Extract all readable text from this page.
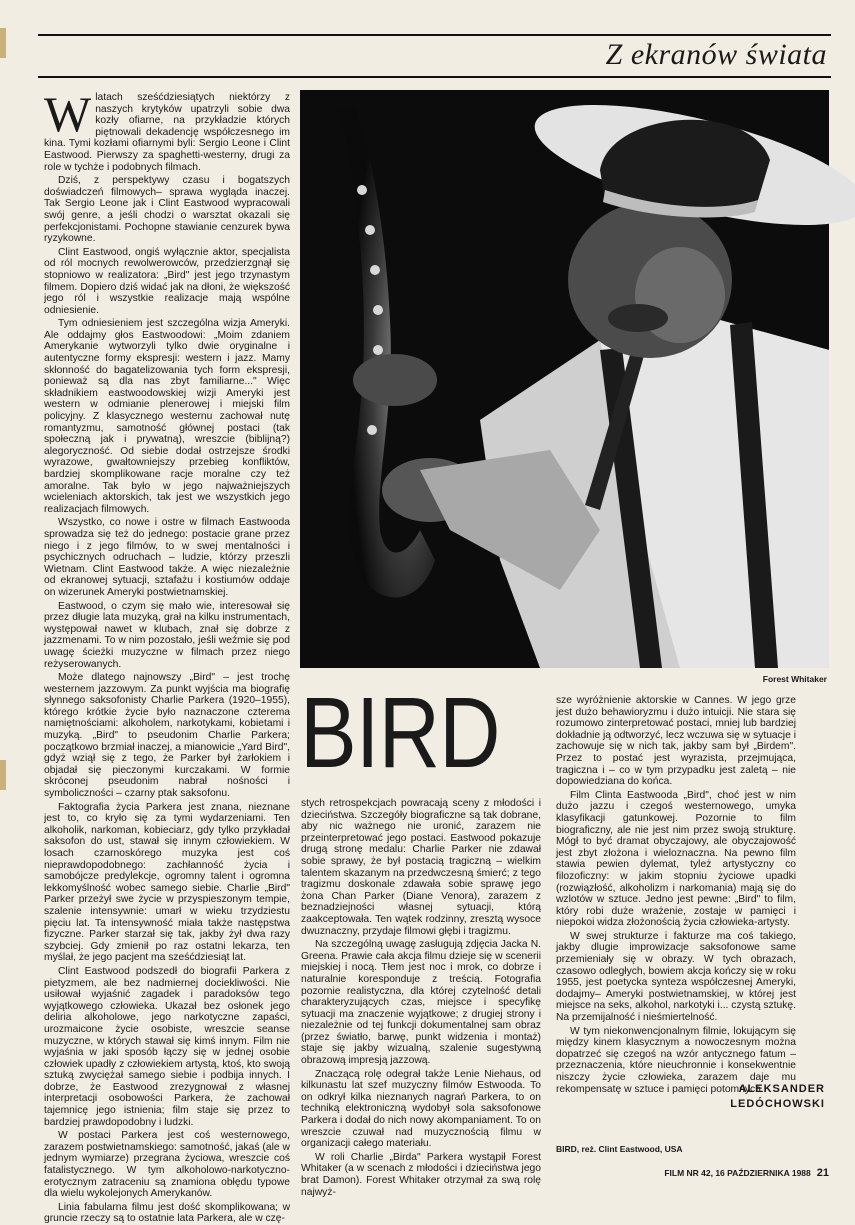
Z ekranów świata

Wlatach sześćdziesiątych niektórzy z naszych krytyków upatrzyli sobie dwa kozły ofiarne, na przykładzie których piętnowali dekadencję współczesnego im kina. Tymi kozłami ofiarnymi byli: Sergio Leone i Clint Eastwood. Pierwszy za spaghetti-westerny, drugi za role w tychże i podobnych filmach.

Dziś, z perspektywy czasu i bogatszych doświadczeń filmowych– sprawa wygląda inaczej. Tak Sergio Leone jak i Clint Eastwood wypracowali swój genre, a jeśli chodzi o warsztat okazali się perfekcjonistami. Pochopne stawianie cenzurek bywa ryzykowne.

Clint Eastwood, ongiś wyłącznie aktor, specjalista od ról mocnych rewolwerowców, przedzierzgnął się stopniowo w realizatora: „Bird" jest jego trzynastym filmem. Dopiero dziś widać jak na dłoni, że większość jego ról i wszystkie realizacje mają wspólne odniesienie.

Tym odniesieniem jest szczególna wizja Ameryki. Ale oddajmy głos Eastwoodowi: „Moim zdaniem Amerykanie wytworzyli tylko dwie oryginalne i autentyczne formy ekspresji: western i jazz. Mamy skłonność do bagatelizowania tych form ekspresji, ponieważ są dla nas zbyt familiarne..." Więc składnikiem eastwoodowskiej wizji Ameryki jest western w odmianie plenerowej i miejski film policyjny. Z klasycznego westernu zachował nutę romantyzmu, samotność głównej postaci (tak społeczną jak i prywatną), wreszcie (biblijną?) alegoryczność. Od siebie dodał ostrzejsze środki wyrazowe, gwałtowniejszy przebieg konfliktów, bardziej skomplikowane racje moralne czy też amoralne. Tak było w jego najważniejszych wcieleniach aktorskich, tak jest we wszystkich jego realizacjach filmowych.

Wszystko, co nowe i ostre w filmach Eastwooda sprowadza się też do jednego: postacie grane przez niego i z jego filmów, to w swej mentalności i psychicznych odruchach – ludzie, którzy przeszli Wietnam. Clint Eastwood także. A więc niezależnie od ekranowej sytuacji, sztafażu i kostiumów oddaje on wizerunek Ameryki postwietnamskiej.

Eastwood, o czym się mało wie, interesował się przez długie lata muzyką, grał na kilku instrumentach, występował nawet w klubach, znał się dobrze z jazzmenami. To w nim pozostało, jeśli weźmie się pod uwagę ścieżki muzyczne w filmach przez niego reżyserowanych.

Może dlatego najnowszy „Bird" – jest trochę westernem jazzowym. Za punkt wyjścia ma biografię słynnego saksofonisty Charlie Parkera (1920–1955), którego krótkie życie było naznaczone czterema namiętnościami: alkoholem, narkotykami, kobietami i muzyką. „Bird" to pseudonim Charlie Parkera; początkowo brzmiał inaczej, a mianowicie „Yard Bird", gdyż wziął się z tego, że Parker był żarłokiem i objadał się pieczonymi kurczakami. W formie skróconej pseudonim nabrał nośności i symboliczności – czarny ptak saksofonu.

Faktografia życia Parkera jest znana, nieznane jest to, co kryło się za tymi wydarzeniami. Ten alkoholik, narkoman, kobieciarz, gdy tylko przykładał saksofon do ust, stawał się innym człowiekiem. W losach czarnoskórego muzyka jest coś nieprawdopodobnego: zachłanność życia i samobójcze predylekcje, ogromny talent i ogromna lekkomyślność wobec samego siebie. Charlie „Bird" Parker przeżył swe życie w przyspieszonym tempie, szalenie intensywnie: umarł w wieku trzydziestu pięciu lat. Ta intensywność miała także następstwa fizyczne. Parker starzał się tak, jakby żył dwa razy szybciej. Gdy zmienił po raz ostatni lekarza, ten myślał, że jego pacjent ma sześćdziesiąt lat.

Clint Eastwood podszedł do biografii Parkera z pietyzmem, ale bez nadmiernej dociekliwości. Nie usiłował wyjaśnić zagadek i paradoksów tego wyjątkowego człowieka. Ukazał bez osłonek jego deliria alkoholowe, jego narkotyczne zapaści, urozmaicone życie osobiste, wreszcie seanse muzyczne, w których stawał się kimś innym. Film nie wyjaśnia w jaki sposób łączy się w jednej osobie człowiek upadły z człowiekiem artystą, ktoś, kto swoją sztuką zwyciężał samego siebie i podbija innych. I dobrze, że Eastwood zrezygnował z własnej interpretacji osobowości Parkera, że zachował tajemnicę jego istnienia; film staje się przez to bardziej prawdopodobny i ludzki.

W postaci Parkera jest coś westernowego, zarazem postwietnamskiego: samotność, jakaś (ale w jednym wymiarze) przegrana życiowa, wreszcie coś fatalistycznego. W tym alkoholowo-narkotyczno-erotycznym zatraceniu są znamiona obłędu typowe dla wielu wykolejonych Amerykanów.

Linia fabularna filmu jest dość skomplikowana; w gruncie rzeczy są to ostatnie lata Parkera, ale w czę-

Forest Whitaker
BIRD

stych retrospekcjach powracają sceny z młodości i dzieciństwa. Szczegóły biograficzne są tak dobrane, aby nic ważnego nie uronić, zarazem nie przeinterpretować jego postaci. Eastwood pokazuje drugą stronę medalu: Charlie Parker nie zdawał sobie sprawy, że był postacią tragiczną – wielkim talentem skazanym na przedwczesną śmierć; z tego tragizmu doskonale zdawała sobie sprawę jego żona Chan Parker (Diane Venora), zarazem z beznadziejności własnej sytuacji, którą zaakceptowała. Ten wątek rodzinny, zresztą wysoce dwuznaczny, przydaje filmowi głębi i tragizmu.

Na szczególną uwagę zasługują zdjęcia Jacka N. Greena. Prawie cała akcja filmu dzieje się w scenerii miejskiej i nocą. Tłem jest noc i mrok, co dobrze i naturalnie koresponduje z treścią. Fotografia pozornie realistyczna, dla której czytelność detali charakteryzujących czas, miejsce i specyfikę sytuacji ma znaczenie wyjątkowe; z drugiej strony i niezależnie od tej funkcji dokumentalnej sam obraz (przez światło, barwę, punkt widzenia i montaż) staje się jakby wizualną, szalenie sugestywną obrazową impresją jazzową.

Znaczącą rolę odegrał także Lenie Niehaus, od kilkunastu lat szef muzyczny filmów Estwooda. To on odkrył kilka nieznanych nagrań Parkera, to on techniką elektroniczną wydobył sola saksofonowe Parkera i dodał do nich nowy akompaniament. To on wreszcie czuwał nad muzycznością filmu w organizacji całego materiału.

W roli Charlie „Birda" Parkera wystąpił Forest Whitaker (a w scenach z młodości i dzieciństwa jego brat Damon). Forest Whitaker otrzymał za swą rolę najwyż-

sze wyróżnienie aktorskie w Cannes. W jego grze jest dużo behawioryzmu i dużo intuicji. Nie stara się rozumowo zinterpretować postaci, mniej lub bardziej dokładnie ją odtworzyć, lecz wczuwa się w sytuacje i zachowuje się w nich tak, jakby sam był „Birdem". Przez to postać jest wyrazista, przejmująca, tragiczna i – co w tym przypadku jest zaletą – nie dopowiedziana do końca.

Film Clinta Eastwooda „Bird", choć jest w nim dużo jazzu i czegoś westernowego, umyka klasyfikacji gatunkowej. Pozornie to film biograficzny, ale nie jest nim przez swoją strukturę. Mógł to być dramat obyczajowy, ale obyczajowość jest zbyt złożona i wieloznaczna. Na pewno film stawia pewien dylemat, tyleż artystyczny co filozoficzny: w jakim stopniu życiowe upadki (rozwiązłość, alkoholizm i narkomania) mają się do wzlotów w sztuce. Jedno jest pewne: „Bird" to film, który robi duże wrażenie, zostaje w pamięci i niepokoi widza złożonością życia człowieka-artysty.

W swej strukturze i fakturze ma coś takiego, jakby dlugie improwizacje saksofonowe same przemieniały się w obrazy. W tych obrazach, czasowo odległych, bowiem akcja kończy się w roku 1955, jest poetycka synteza współczesnej Ameryki, dodajmy– Ameryki postwietnamskiej, w której jest miejsce na seks, alkohol, narkotyki i... czystą sztukę. Na przemijalność i nieśmiertelność.

W tym niekonwencjonalnym filmie, lokującym się między kinem klasycznym a nowoczesnym można dopatrzeć się czegoś na wzór antycznego fatum – przeznaczenia, które nieuchronnie i konsekwentnie niszczy życie człowieka, zarazem daje mu rekompensatę w sztuce i pamięci potomnych.

ALEKSANDER
LEDÓCHOWSKI
BIRD, reż. Clint Eastwood, USA
FILM NR 42, 16 PAŹDZIERNIKA 1988 21
